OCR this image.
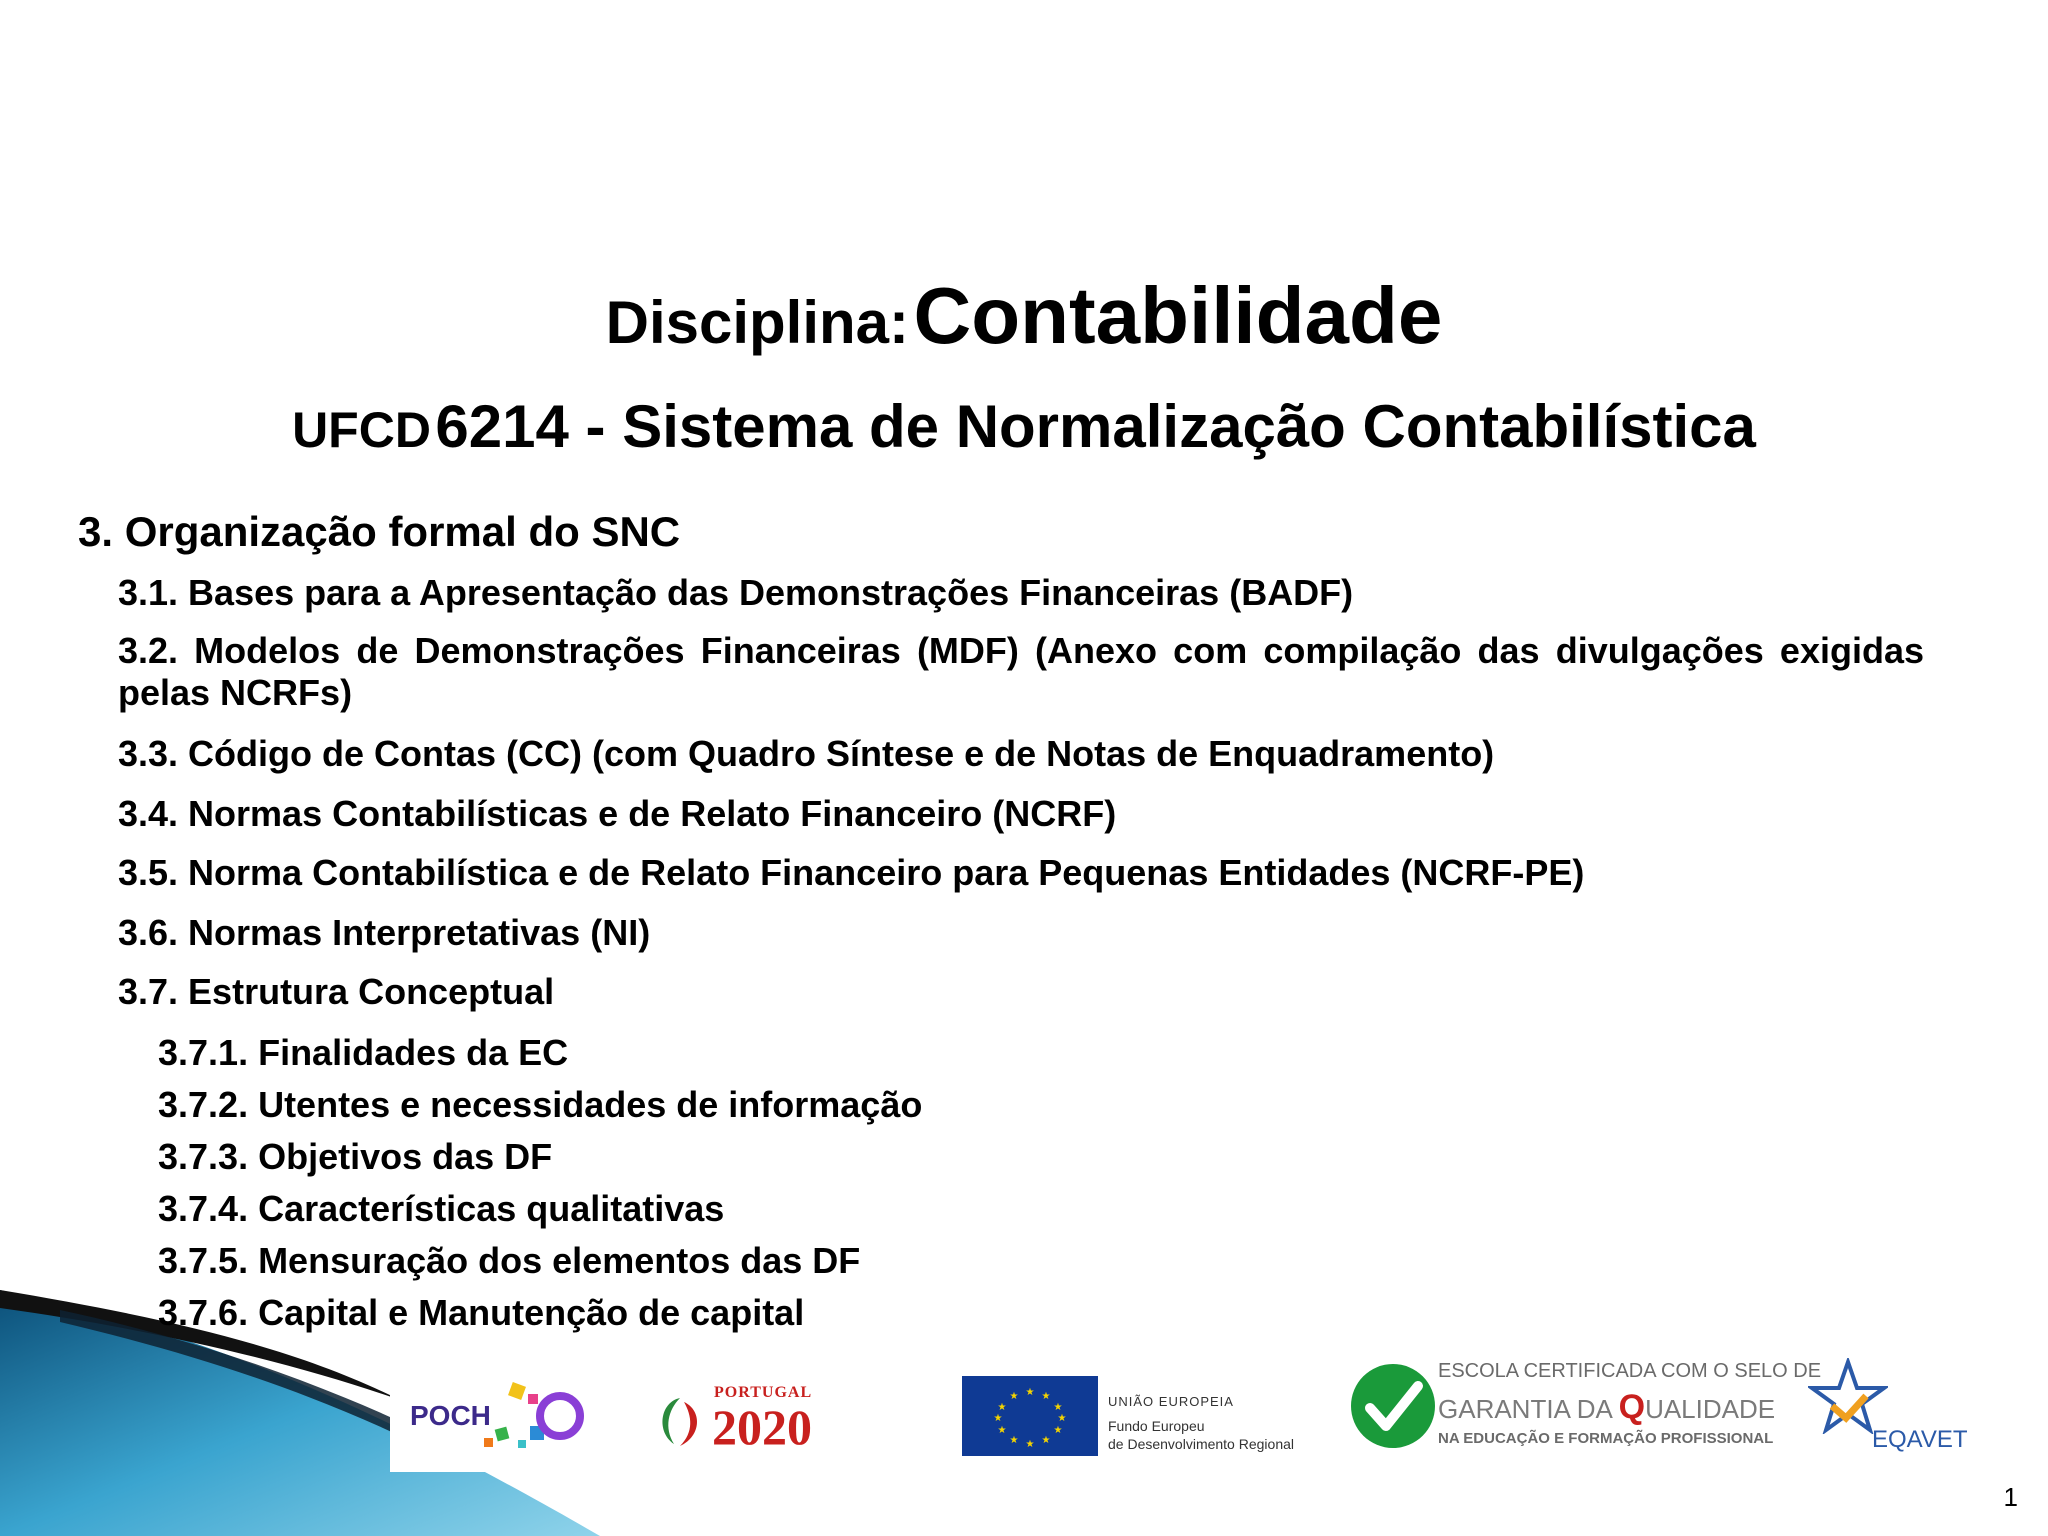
Disciplina: Contabilidade
UFCD 6214 - Sistema de Normalização Contabilística
3. Organização formal do SNC
3.1. Bases para a Apresentação das Demonstrações Financeiras (BADF)
3.2. Modelos de Demonstrações Financeiras (MDF) (Anexo com compilação das divulgações exigidas pelas NCRFs)
3.3. Código de Contas (CC) (com Quadro Síntese e de Notas de Enquadramento)
3.4. Normas Contabilísticas e de Relato Financeiro (NCRF)
3.5. Norma Contabilística e de Relato Financeiro para Pequenas Entidades (NCRF-PE)
3.6. Normas Interpretativas (NI)
3.7. Estrutura Conceptual
3.7.1. Finalidades da EC
3.7.2. Utentes e necessidades de informação
3.7.3. Objetivos das DF
3.7.4. Características qualitativas
3.7.5. Mensuração dos elementos das DF
3.7.6. Capital e Manutenção de capital
POCH
PORTUGAL
2020
★ ★
★
★
★
★
★
★
★
★
★
★	UNIÃO EUROPEIA
Fundo Europeu
de Desenvolvimento Regional
ESCOLA CERTIFICADA COM O SELO DE
GARANTIA DA QUALIDADE
NA EDUCAÇÃO E FORMAÇÃO PROFISSIONAL	EQAVET
1
